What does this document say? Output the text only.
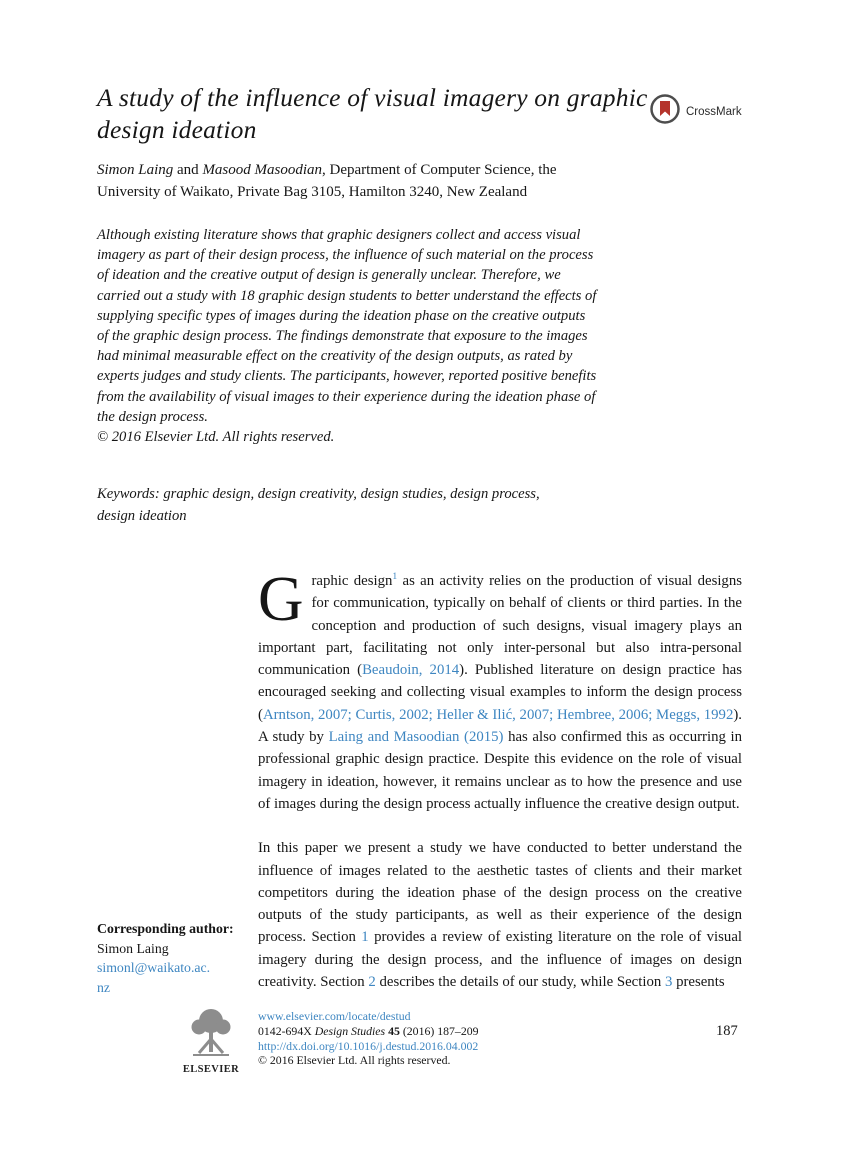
A study of the influence of visual imagery on graphic design ideation
CrossMark

Simon Laing and Masood Masoodian, Department of Computer Science, the University of Waikato, Private Bag 3105, Hamilton 3240, New Zealand

Although existing literature shows that graphic designers collect and access visual imagery as part of their design process, the influence of such material on the process of ideation and the creative output of design is generally unclear. Therefore, we carried out a study with 18 graphic design students to better understand the effects of supplying specific types of images during the ideation phase on the creative outputs of the graphic design process. The findings demonstrate that exposure to the images had minimal measurable effect on the creativity of the design outputs, as rated by experts judges and study clients. The participants, however, reported positive benefits from the availability of visual images to their experience during the ideation phase of the design process.

© 2016 Elsevier Ltd. All rights reserved.

Keywords: graphic design, design creativity, design studies, design process, design ideation

Graphic design$^1$ as an activity relies on the production of visual designs for communication, typically on behalf of clients or third parties. In the conception and production of such designs, visual imagery plays an important part, facilitating not only inter-personal but also intra-personal communication (Beaudoin, 2014). Published literature on design practice has encouraged seeking and collecting visual examples to inform the design process (Arntson, 2007; Curtis, 2002; Heller & Ilić, 2007; Hembree, 2006; Meggs, 1992). A study by Laing and Masoodian (2015) has also confirmed this as occurring in professional graphic design practice. Despite this evidence on the role of visual imagery in ideation, however, it remains unclear as to how the presence and use of images during the design process actually influence the creative design output.

In this paper we present a study we have conducted to better understand the influence of images related to the aesthetic tastes of clients and their market competitors during the ideation phase of the design process on the creative outputs of the study participants, as well as their experience of the design process. Section 1 provides a review of existing literature on the role of visual imagery during the design process, and the influence of images on design creativity. Section 2 describes the details of our study, while Section 3 presents

Corresponding author:
Simon Laing
simonl@waikato.ac.
nz
ELSEVIER
www.elsevier.com/locate/destud
0142-694X Design Studies 45 (2016) 187–209
http://dx.doi.org/10.1016/j.destud.2016.04.002
© 2016 Elsevier Ltd. All rights reserved.
187
